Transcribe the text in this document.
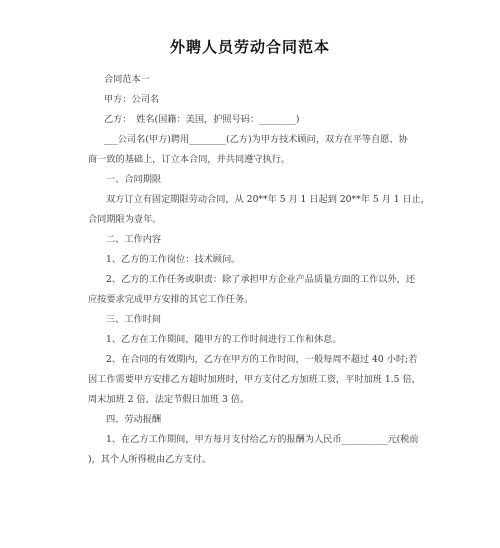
外聘人员劳动合同范本
合同范本一
甲方：公司名
乙方：　姓名(国籍：美国，护照号码：________)
___公司名(甲方)聘用________(乙方)为甲方技术顾问，双方在平等自愿、协
商一致的基础上，订立本合同，并共同遵守执行。
一、合同期限
双方订立有固定期限劳动合同，从 20**年 5 月 1 日起到 20**年 5 月 1 日止，
合同期限为壹年。
二、工作内容
1、乙方的工作岗位：技术顾问。
2、乙方的工作任务或职责：除了承担甲方企业产品质量方面的工作以外，还
应按要求完成甲方安排的其它工作任务。
三、工作时间
1、乙方在工作期间，随甲方的工作时间进行工作和休息。
2、在合同的有效期内，乙方在甲方的工作时间，一般每周不超过 40 小时;若
因工作需要甲方安排乙方超时加班时，甲方支付乙方加班工资，平时加班 1.5 倍，
周末加班 2 倍，法定节假日加班 3 倍。
四、劳动报酬
1、在乙方工作期间，甲方每月支付给乙方的报酬为人民币__________元(税前
)，其个人所得税由乙方支付。
